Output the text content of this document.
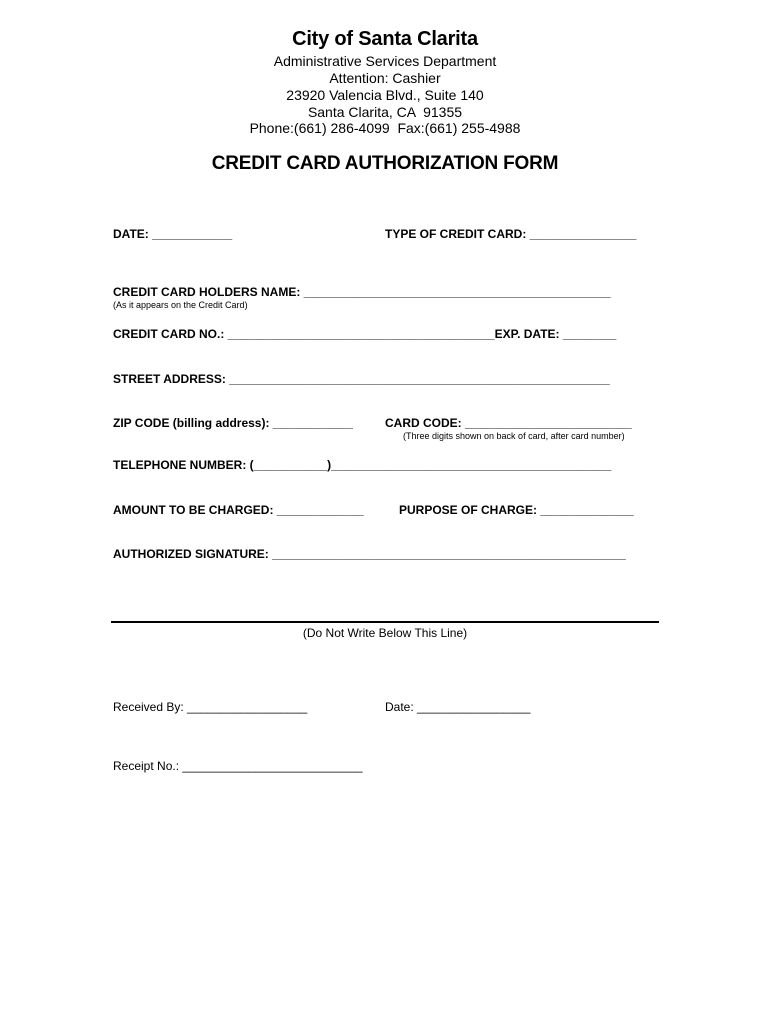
City of Santa Clarita
Administrative Services Department
Attention: Cashier
23920 Valencia Blvd., Suite 140
Santa Clarita, CA  91355
Phone:(661) 286-4099  Fax:(661) 255-4988
CREDIT CARD AUTHORIZATION FORM
DATE: ____________	TYPE OF CREDIT CARD: ________________
CREDIT CARD HOLDERS NAME: ______________________________________________
(As it appears on the Credit Card)
CREDIT CARD NO.: ________________________________________EXP. DATE: ________
STREET ADDRESS: _________________________________________________________
ZIP CODE (billing address): ____________	CARD CODE: _________________________
(Three digits shown on back of card, after card number)
TELEPHONE NUMBER: (___________)__________________________________________
AMOUNT TO BE CHARGED: _____________	PURPOSE OF CHARGE: ______________
AUTHORIZED SIGNATURE: _____________________________________________________
(Do Not Write Below This Line)
Received By: __________________	Date: _________________
Receipt No.: ___________________________
